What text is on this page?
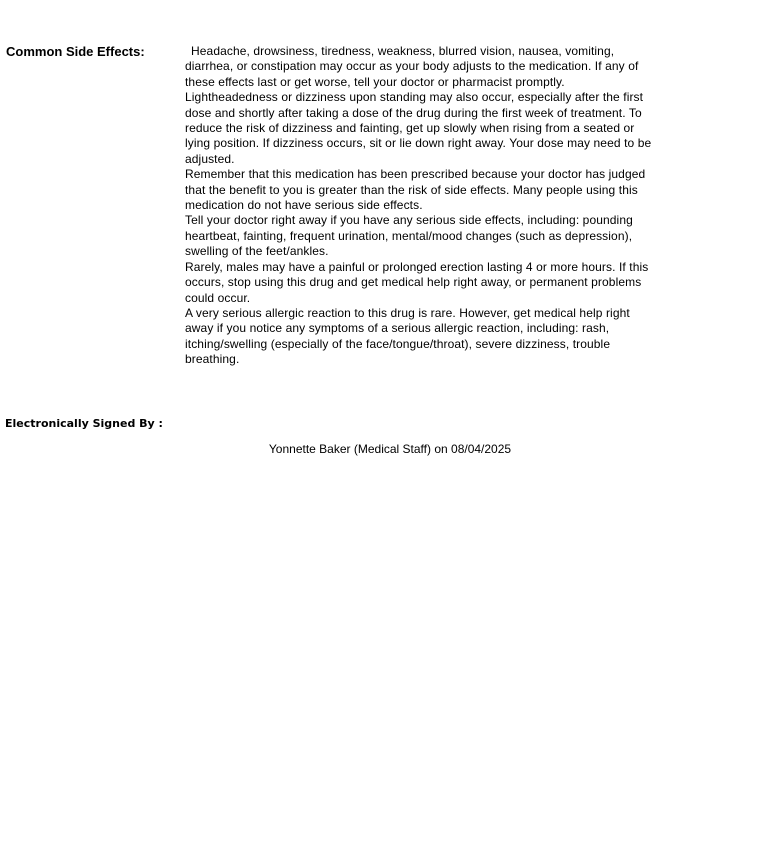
Common Side Effects:	Headache, drowsiness, tiredness, weakness, blurred vision, nausea, vomiting, diarrhea, or constipation may occur as your body adjusts to the medication. If any of these effects last or get worse, tell your doctor or pharmacist promptly.

Lightheadedness or dizziness upon standing may also occur, especially after the first dose and shortly after taking a dose of the drug during the first week of treatment. To reduce the risk of dizziness and fainting, get up slowly when rising from a seated or lying position. If dizziness occurs, sit or lie down right away. Your dose may need to be adjusted.

Remember that this medication has been prescribed because your doctor has judged that the benefit to you is greater than the risk of side effects. Many people using this medication do not have serious side effects.

Tell your doctor right away if you have any serious side effects, including: pounding heartbeat, fainting, frequent urination, mental/mood changes (such as depression), swelling of the feet/ankles.

Rarely, males may have a painful or prolonged erection lasting 4 or more hours. If this occurs, stop using this drug and get medical help right away, or permanent problems could occur.

A very serious allergic reaction to this drug is rare. However, get medical help right away if you notice any symptoms of a serious allergic reaction, including: rash, itching/swelling (especially of the face/tongue/throat), severe dizziness, trouble breathing.

Electronically Signed By :
Yonnette Baker (Medical Staff) on 08/04/2025
